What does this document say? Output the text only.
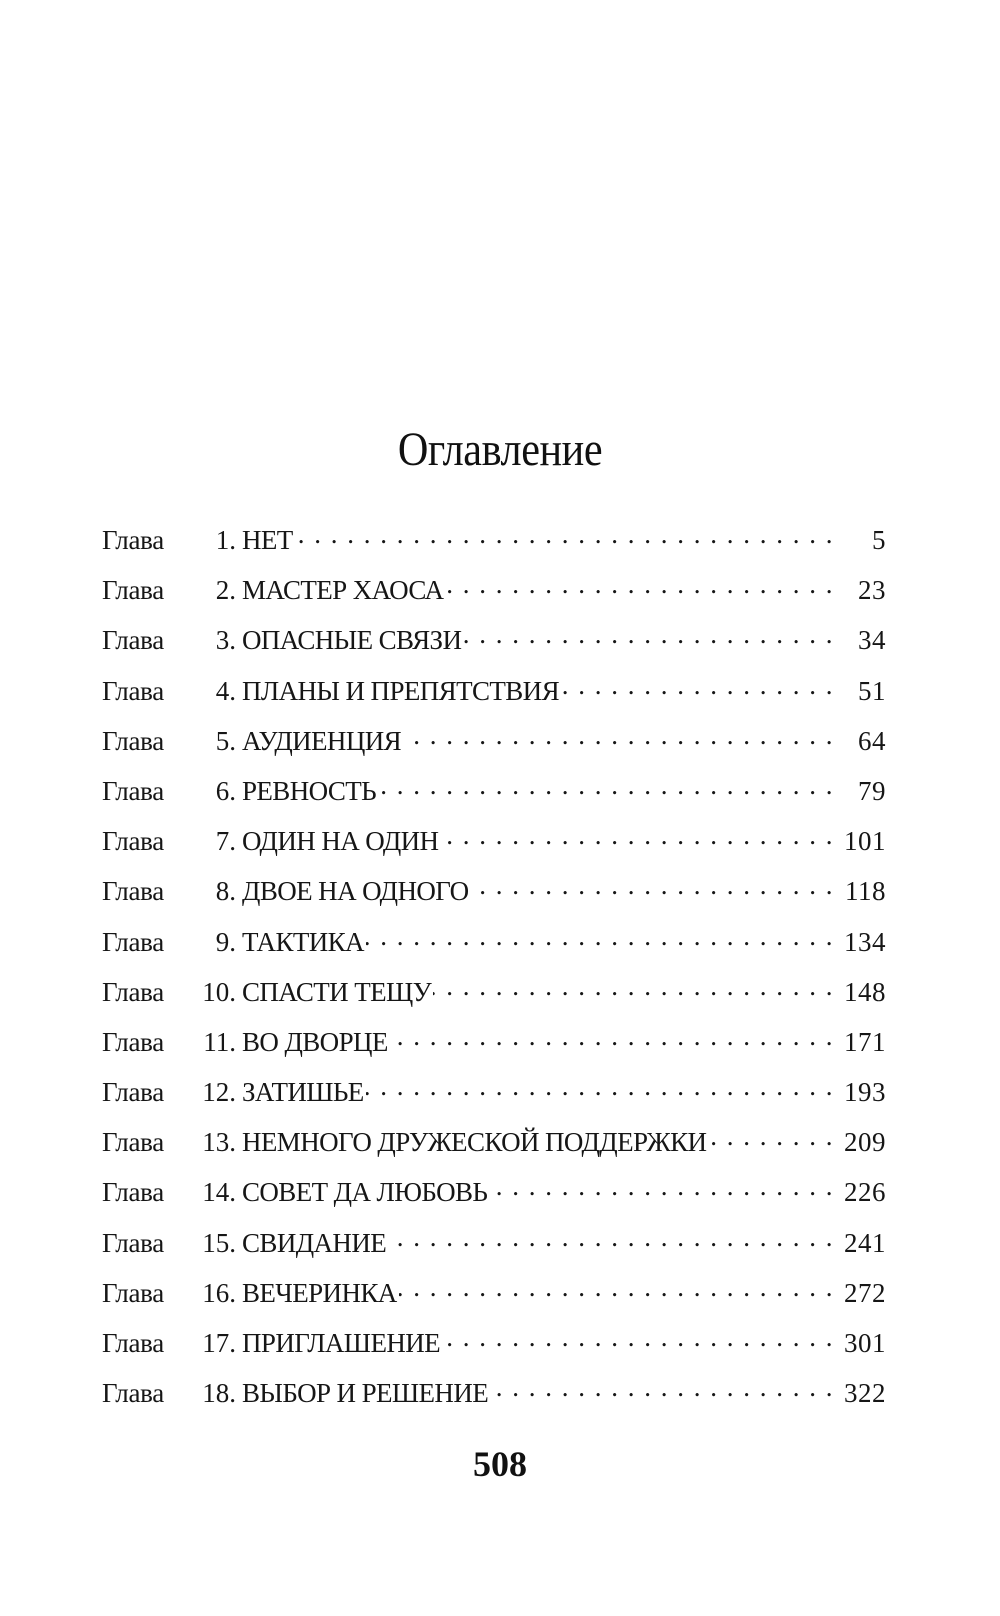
Оглавление
Глава	1. НЕТ . . .	5
Глава	2. МАСТЕР ХАОСА . . .	23
Глава	3. ОПАСНЫЕ СВЯЗИ . . .	34
Глава	4. ПЛАНЫ И ПРЕПЯТСТВИЯ . . .	51
Глава	5. АУДИЕНЦИЯ . . .	64
Глава	6. РЕВНОСТЬ . . .	79
Глава	7. ОДИН НА ОДИН . . .	101
Глава	8. ДВОЕ НА ОДНОГО . . .	118
Глава	9. ТАКТИКА . . .	134
Глава	10. СПАСТИ ТЕЩУ . . .	148
Глава	11. ВО ДВОРЦЕ . . .	171
Глава	12. ЗАТИШЬЕ . . .	193
Глава	13. НЕМНОГО ДРУЖЕСКОЙ ПОДДЕРЖКИ . . .	209
Глава	14. СОВЕТ ДА ЛЮБОВЬ . . .	226
Глава	15. СВИДАНИЕ . . .	241
Глава	16. ВЕЧЕРИНКА . . .	272
Глава	17. ПРИГЛАШЕНИЕ . . .	301
Глава	18. ВЫБОР И РЕШЕНИЕ . . .	322
508
